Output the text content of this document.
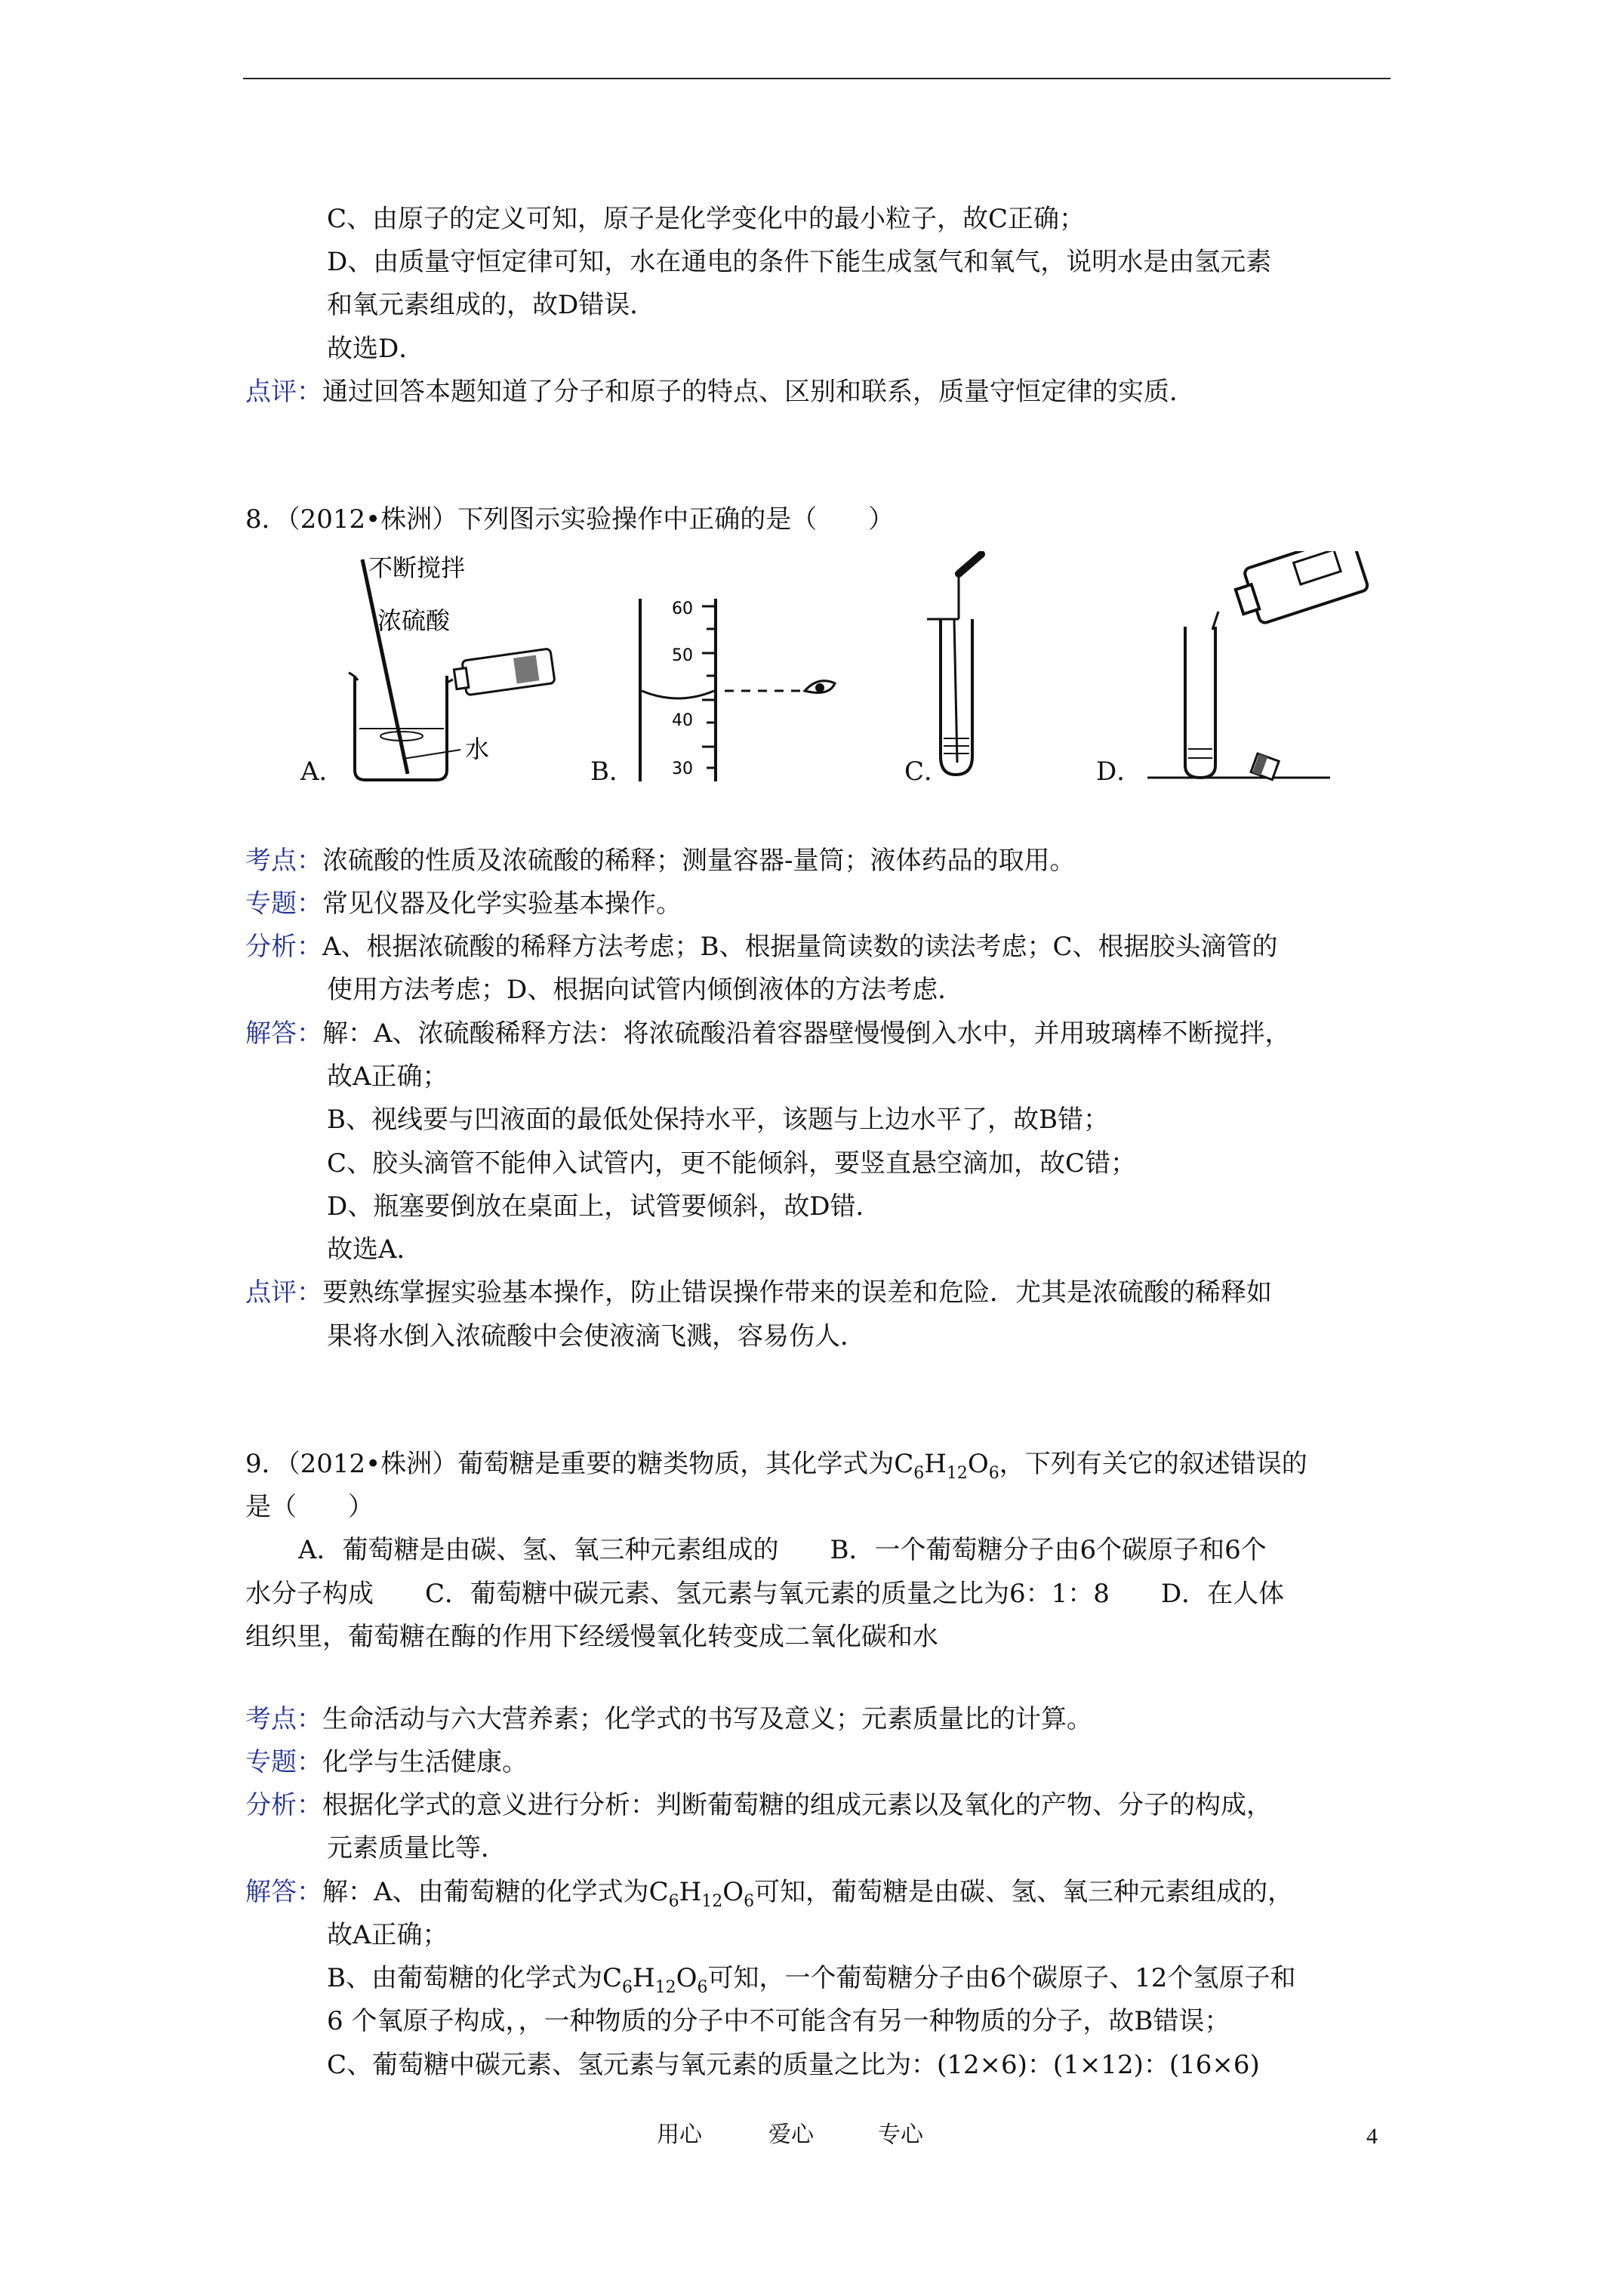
C、由原子的定义可知，原子是化学变化中的最小粒子，故C正确；
D、由质量守恒定律可知，水在通电的条件下能生成氢气和氧气，说明水是由氢元素
和氧元素组成的，故D错误．
故选D．
点评：通过回答本题知道了分子和原子的特点、区别和联系，质量守恒定律的实质．
8．（2012•株洲）下列图示实验操作中正确的是（　　）
不断搅拌
浓硫酸
水
A．
60
50
40
30
B．	C．	D．
考点：浓硫酸的性质及浓硫酸的稀释；测量容器-量筒；液体药品的取用。
专题：常见仪器及化学实验基本操作。
分析：A、根据浓硫酸的稀释方法考虑；B、根据量筒读数的读法考虑；C、根据胶头滴管的
使用方法考虑；D、根据向试管内倾倒液体的方法考虑．
解答：解：A、浓硫酸稀释方法：将浓硫酸沿着容器壁慢慢倒入水中，并用玻璃棒不断搅拌，
故A正确；
B、视线要与凹液面的最低处保持水平，该题与上边水平了，故B错；
C、胶头滴管不能伸入试管内，更不能倾斜，要竖直悬空滴加，故C错；
D、瓶塞要倒放在桌面上，试管要倾斜，故D错．
故选A．
点评：要熟练掌握实验基本操作，防止错误操作带来的误差和危险．尤其是浓硫酸的稀释如
果将水倒入浓硫酸中会使液滴飞溅，容易伤人．
9．（2012•株洲）葡萄糖是重要的糖类物质，其化学式为$C_6H_{12}O_6$，下列有关它的叙述错误的
是（　　）
A．葡萄糖是由碳、氢、氧三种元素组成的　　B．一个葡萄糖分子由6个碳原子和6个
水分子构成　　C．葡萄糖中碳元素、氢元素与氧元素的质量之比为6：1：8　　D．在人体
组织里，葡萄糖在酶的作用下经缓慢氧化转变成二氧化碳和水
考点：生命活动与六大营养素；化学式的书写及意义；元素质量比的计算。
专题：化学与生活健康。
分析：根据化学式的意义进行分析：判断葡萄糖的组成元素以及氧化的产物、分子的构成，
元素质量比等．
解答：解：A、由葡萄糖的化学式为$C_6H_{12}O_6$可知，葡萄糖是由碳、氢、氧三种元素组成的，
故A正确；
B、由葡萄糖的化学式为$C_6H_{12}O_6$可知，一个葡萄糖分子由6个碳原子、12个氢原子和
6 个氧原子构成，，一种物质的分子中不可能含有另一种物质的分子，故B错误；
C、葡萄糖中碳元素、氢元素与氧元素的质量之比为：(12×6)：(1×12)：(16×6)
用心	爱心	专心	4
